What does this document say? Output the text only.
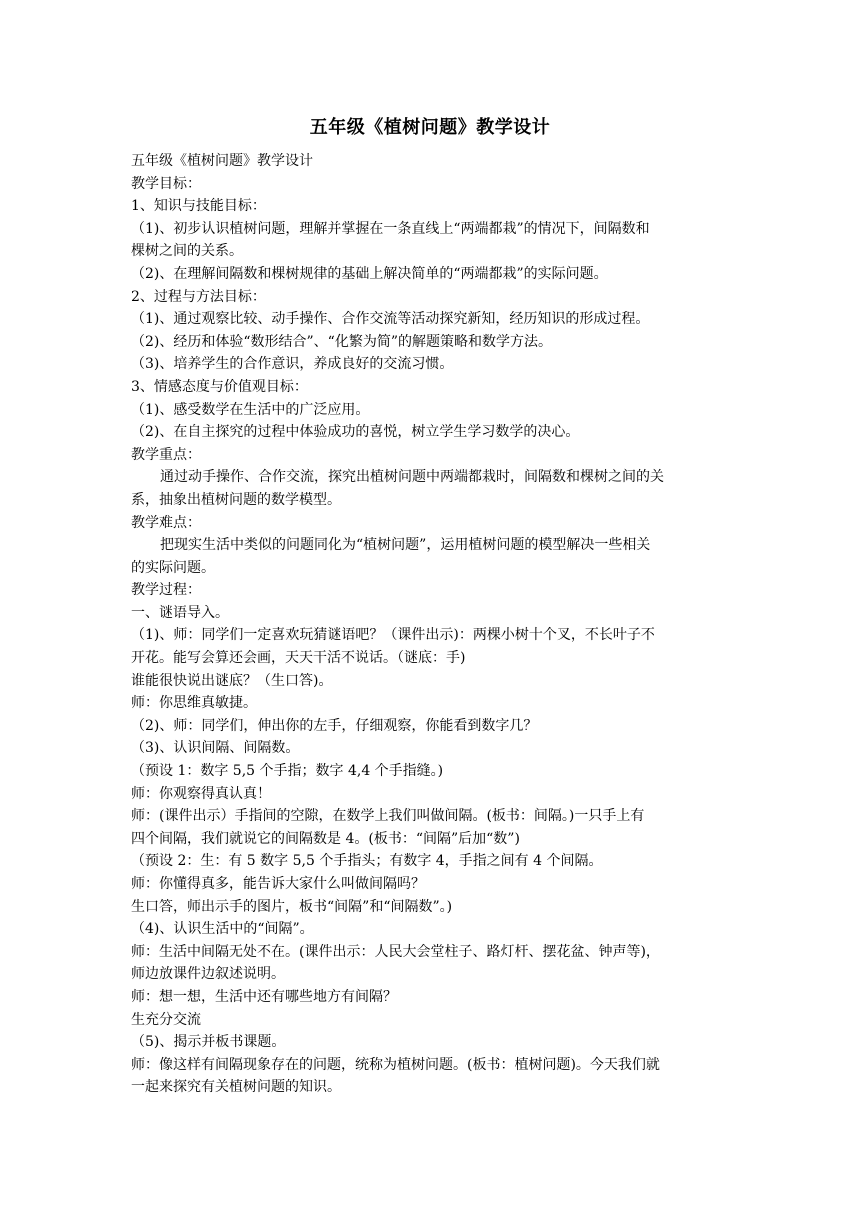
五年级《植树问题》教学设计
五年级《植树问题》教学设计
教学目标：
1、知识与技能目标：
（1)、初步认识植树问题，理解并掌握在一条直线上“两端都栽”的情况下，间隔数和
棵树之间的关系。
（2)、在理解间隔数和棵树规律的基础上解决简单的“两端都栽”的实际问题。
2、过程与方法目标：
（1)、通过观察比较、动手操作、合作交流等活动探究新知，经历知识的形成过程。
（2)、经历和体验“数形结合”、“化繁为简”的解题策略和数学方法。
（3)、培养学生的合作意识，养成良好的交流习惯。
3、情感态度与价值观目标：
（1)、感受数学在生活中的广泛应用。
（2)、在自主探究的过程中体验成功的喜悦，树立学生学习数学的决心。
教学重点：
通过动手操作、合作交流，探究出植树问题中两端都栽时，间隔数和棵树之间的关
系，抽象出植树问题的数学模型。
教学难点：
把现实生活中类似的问题同化为“植树问题”，运用植树问题的模型解决一些相关
的实际问题。
教学过程：
一、谜语导入。
（1)、师：同学们一定喜欢玩猜谜语吧？（课件出示)：两棵小树十个叉，不长叶子不
开花。能写会算还会画，天天干活不说话。（谜底：手)
谁能很快说出谜底？（生口答)。
师：你思维真敏捷。
（2)、师：同学们，伸出你的左手，仔细观察，你能看到数字几？
（3)、认识间隔、间隔数。
（预设 1：数字 5,5 个手指；数字 4,4 个手指缝。)
师：你观察得真认真！
师：(课件出示）手指间的空隙，在数学上我们叫做间隔。(板书：间隔。)一只手上有
四个间隔，我们就说它的间隔数是 4。(板书：“间隔”后加“数”)
（预设 2：生：有 5 数字 5,5 个手指头；有数字 4，手指之间有 4 个间隔。
师：你懂得真多，能告诉大家什么叫做间隔吗？
生口答，师出示手的图片，板书“间隔”和“间隔数”。)
（4)、认识生活中的“间隔”。
师：生活中间隔无处不在。(课件出示：人民大会堂柱子、路灯杆、摆花盆、钟声等)，
师边放课件边叙述说明。
师：想一想，生活中还有哪些地方有间隔？
生充分交流
（5)、揭示并板书课题。
师：像这样有间隔现象存在的问题，统称为植树问题。(板书：植树问题)。今天我们就
一起来探究有关植树问题的知识。
